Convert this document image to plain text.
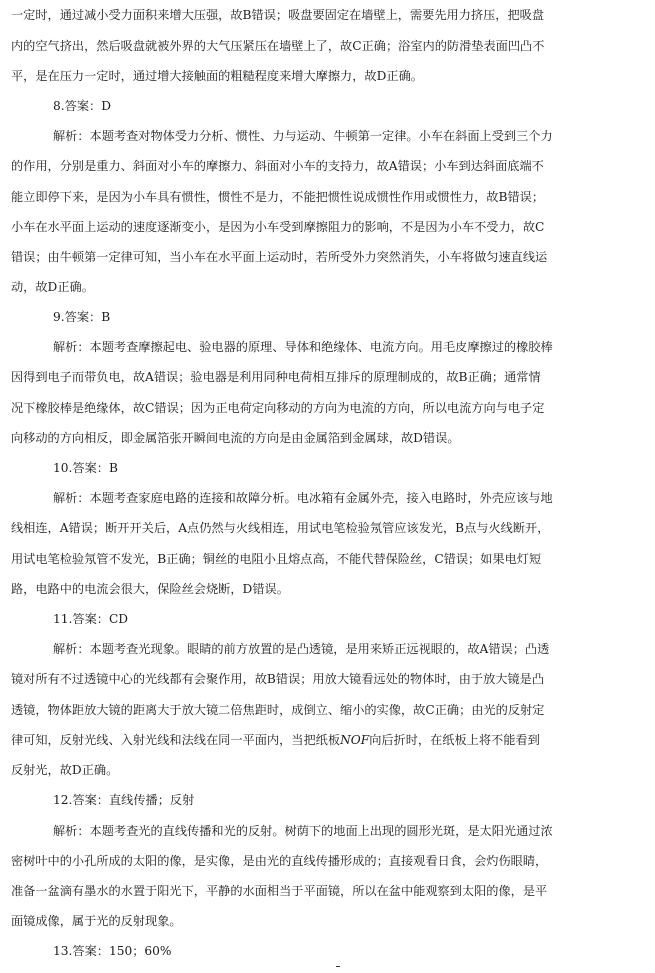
一定时，通过减小受力面积来增大压强，故B错误；吸盘要固定在墙壁上，需要先用力挤压，把吸盘
内的空气挤出，然后吸盘就被外界的大气压紧压在墙壁上了，故C正确；浴室内的防滑垫表面凹凸不
平，是在压力一定时，通过增大接触面的粗糙程度来增大摩擦力，故D正确。
8.答案：D
解析：本题考查对物体受力分析、惯性、力与运动、牛顿第一定律。小车在斜面上受到三个力
的作用，分别是重力、斜面对小车的摩擦力、斜面对小车的支持力，故A错误；小车到达斜面底端不
能立即停下来，是因为小车具有惯性，惯性不是力，不能把惯性说成惯性作用或惯性力，故B错误；
小车在水平面上运动的速度逐渐变小，是因为小车受到摩擦阻力的影响，不是因为小车不受力，故C
错误；由牛顿第一定律可知，当小车在水平面上运动时，若所受外力突然消失，小车将做匀速直线运
动，故D正确。
9.答案：B
解析：本题考查摩擦起电、验电器的原理、导体和绝缘体、电流方向。用毛皮摩擦过的橡胶棒
因得到电子而带负电，故A错误；验电器是利用同种电荷相互排斥的原理制成的，故B正确；通常情
况下橡胶棒是绝缘体，故C错误；因为正电荷定向移动的方向为电流的方向，所以电流方向与电子定
向移动的方向相反，即金属箔张开瞬间电流的方向是由金属箔到金属球，故D错误。
10.答案：B
解析：本题考查家庭电路的连接和故障分析。电冰箱有金属外壳，接入电路时，外壳应该与地
线相连，A错误；断开开关后，A点仍然与火线相连，用试电笔检验氖管应该发光，B点与火线断开，
用试电笔检验氖管不发光，B正确；铜丝的电阻小且熔点高，不能代替保险丝，C错误；如果电灯短
路，电路中的电流会很大，保险丝会烧断，D错误。
11.答案：CD
解析：本题考查光现象。眼睛的前方放置的是凸透镜，是用来矫正远视眼的，故A错误；凸透
镜对所有不过透镜中心的光线都有会聚作用，故B错误；用放大镜看远处的物体时，由于放大镜是凸
透镜，物体距放大镜的距离大于放大镜二倍焦距时，成倒立、缩小的实像，故C正确；由光的反射定
律可知，反射光线、入射光线和法线在同一平面内，当把纸板NOF向后折时，在纸板上将不能看到
反射光，故D正确。
12.答案：直线传播；反射
解析：本题考查光的直线传播和光的反射。树荫下的地面上出现的圆形光斑，是太阳光通过浓
密树叶中的小孔所成的太阳的像，是实像，是由光的直线传播形成的；直接观看日食，会灼伤眼睛，
准备一盆滴有墨水的水置于阳光下，平静的水面相当于平面镜，所以在盆中能观察到太阳的像，是平
面镜成像，属于光的反射现象。
13.答案：150；60%
